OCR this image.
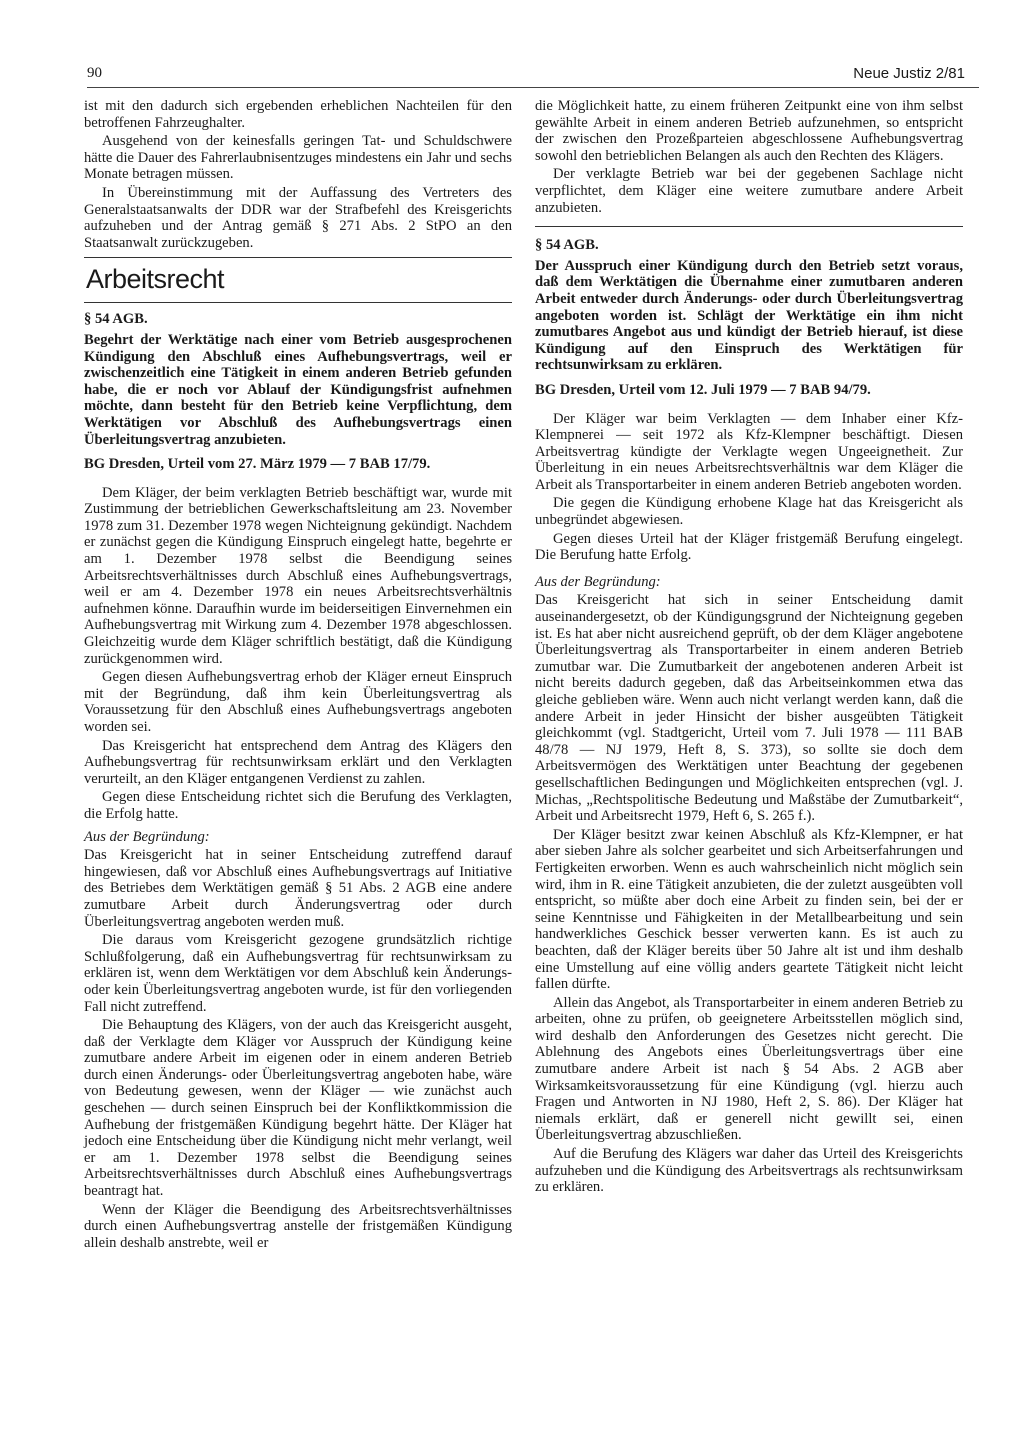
90	Neue Justiz 2/81

ist mit den dadurch sich ergebenden erheblichen Nachteilen für den betroffenen Fahrzeughalter.

Ausgehend von der keinesfalls geringen Tat- und Schuldschwere hätte die Dauer des Fahrerlaubnisentzuges mindestens ein Jahr und sechs Monate betragen müssen.

In Übereinstimmung mit der Auffassung des Vertreters des Generalstaatsanwalts der DDR war der Strafbefehl des Kreisgerichts aufzuheben und der Antrag gemäß § 271 Abs. 2 StPO an den Staatsanwalt zurückzugeben.

Arbeitsrecht

§ 54 AGB.

Begehrt der Werktätige nach einer vom Betrieb ausgesprochenen Kündigung den Abschluß eines Aufhebungsvertrags, weil er zwischenzeitlich eine Tätigkeit in einem anderen Betrieb gefunden habe, die er noch vor Ablauf der Kündigungsfrist aufnehmen möchte, dann besteht für den Betrieb keine Verpflichtung, dem Werktätigen vor Abschluß des Aufhebungsvertrags einen Überleitungsvertrag anzubieten.

BG Dresden, Urteil vom 27. März 1979 — 7 BAB 17/79.

Dem Kläger, der beim verklagten Betrieb beschäftigt war, wurde mit Zustimmung der betrieblichen Gewerkschaftsleitung am 23. November 1978 zum 31. Dezember 1978 wegen Nichteignung gekündigt. Nachdem er zunächst gegen die Kündigung Einspruch eingelegt hatte, begehrte er am 1. Dezember 1978 selbst die Beendigung seines Arbeitsrechtsverhältnisses durch Abschluß eines Aufhebungsvertrags, weil er am 4. Dezember 1978 ein neues Arbeitsrechtsverhältnis aufnehmen könne. Daraufhin wurde im beiderseitigen Einvernehmen ein Aufhebungsvertrag mit Wirkung zum 4. Dezember 1978 abgeschlossen. Gleichzeitig wurde dem Kläger schriftlich bestätigt, daß die Kündigung zurückgenommen wird.

Gegen diesen Aufhebungsvertrag erhob der Kläger erneut Einspruch mit der Begründung, daß ihm kein Überleitungsvertrag als Voraussetzung für den Abschluß eines Aufhebungsvertrags angeboten worden sei.

Das Kreisgericht hat entsprechend dem Antrag des Klägers den Aufhebungsvertrag für rechtsunwirksam erklärt und den Verklagten verurteilt, an den Kläger entgangenen Verdienst zu zahlen.

Gegen diese Entscheidung richtet sich die Berufung des Verklagten, die Erfolg hatte.

Aus der Begründung:

Das Kreisgericht hat in seiner Entscheidung zutreffend darauf hingewiesen, daß vor Abschluß eines Aufhebungsvertrags auf Initiative des Betriebes dem Werktätigen gemäß § 51 Abs. 2 AGB eine andere zumutbare Arbeit durch Änderungsvertrag oder durch Überleitungsvertrag angeboten werden muß.

Die daraus vom Kreisgericht gezogene grundsätzlich richtige Schlußfolgerung, daß ein Aufhebungsvertrag für rechtsunwirksam zu erklären ist, wenn dem Werktätigen vor dem Abschluß kein Änderungs- oder kein Überleitungsvertrag angeboten wurde, ist für den vorliegenden Fall nicht zutreffend.

Die Behauptung des Klägers, von der auch das Kreisgericht ausgeht, daß der Verklagte dem Kläger vor Ausspruch der Kündigung keine zumutbare andere Arbeit im eigenen oder in einem anderen Betrieb durch einen Änderungs- oder Überleitungsvertrag angeboten habe, wäre von Bedeutung gewesen, wenn der Kläger — wie zunächst auch geschehen — durch seinen Einspruch bei der Konfliktkommission die Aufhebung der fristgemäßen Kündigung begehrt hätte. Der Kläger hat jedoch eine Entscheidung über die Kündigung nicht mehr verlangt, weil er am 1. Dezember 1978 selbst die Beendigung seines Arbeitsrechtsverhältnisses durch Abschluß eines Aufhebungsvertrags beantragt hat.

Wenn der Kläger die Beendigung des Arbeitsrechtsverhältnisses durch einen Aufhebungsvertrag anstelle der fristgemäßen Kündigung allein deshalb anstrebte, weil er

die Möglichkeit hatte, zu einem früheren Zeitpunkt eine von ihm selbst gewählte Arbeit in einem anderen Betrieb aufzunehmen, so entspricht der zwischen den Prozeßparteien abgeschlossene Aufhebungsvertrag sowohl den betrieblichen Belangen als auch den Rechten des Klägers.

Der verklagte Betrieb war bei der gegebenen Sachlage nicht verpflichtet, dem Kläger eine weitere zumutbare andere Arbeit anzubieten.

§ 54 AGB.

Der Ausspruch einer Kündigung durch den Betrieb setzt voraus, daß dem Werktätigen die Übernahme einer zumutbaren anderen Arbeit entweder durch Änderungs- oder durch Überleitungsvertrag angeboten worden ist. Schlägt der Werktätige ein ihm nicht zumutbares Angebot aus und kündigt der Betrieb hierauf, ist diese Kündigung auf den Einspruch des Werktätigen für rechtsunwirksam zu erklären.

BG Dresden, Urteil vom 12. Juli 1979 — 7 BAB 94/79.

Der Kläger war beim Verklagten — dem Inhaber einer Kfz-Klempnerei — seit 1972 als Kfz-Klempner beschäftigt. Diesen Arbeitsvertrag kündigte der Verklagte wegen Ungeeignetheit. Zur Überleitung in ein neues Arbeitsrechtsverhältnis war dem Kläger die Arbeit als Transportarbeiter in einem anderen Betrieb angeboten worden.

Die gegen die Kündigung erhobene Klage hat das Kreisgericht als unbegründet abgewiesen.

Gegen dieses Urteil hat der Kläger fristgemäß Berufung eingelegt. Die Berufung hatte Erfolg.

Aus der Begründung:

Das Kreisgericht hat sich in seiner Entscheidung damit auseinandergesetzt, ob der Kündigungsgrund der Nichteignung gegeben ist. Es hat aber nicht ausreichend geprüft, ob der dem Kläger angebotene Überleitungsvertrag als Transportarbeiter in einem anderen Betrieb zumutbar war. Die Zumutbarkeit der angebotenen anderen Arbeit ist nicht bereits dadurch gegeben, daß das Arbeitseinkommen etwa das gleiche geblieben wäre. Wenn auch nicht verlangt werden kann, daß die andere Arbeit in jeder Hinsicht der bisher ausgeübten Tätigkeit gleichkommt (vgl. Stadtgericht, Urteil vom 7. Juli 1978 — 111 BAB 48/78 — NJ 1979, Heft 8, S. 373), so sollte sie doch dem Arbeitsvermögen des Werktätigen unter Beachtung der gegebenen gesellschaftlichen Bedingungen und Möglichkeiten entsprechen (vgl. J. Michas, „Rechtspolitische Bedeutung und Maßstäbe der Zumutbarkeit“, Arbeit und Arbeitsrecht 1979, Heft 6, S. 265 f.).

Der Kläger besitzt zwar keinen Abschluß als Kfz-Klempner, er hat aber sieben Jahre als solcher gearbeitet und sich Arbeitserfahrungen und Fertigkeiten erworben. Wenn es auch wahrscheinlich nicht möglich sein wird, ihm in R. eine Tätigkeit anzubieten, die der zuletzt ausgeübten voll entspricht, so müßte aber doch eine Arbeit zu finden sein, bei der er seine Kenntnisse und Fähigkeiten in der Metallbearbeitung und sein handwerkliches Geschick besser verwerten kann. Es ist auch zu beachten, daß der Kläger bereits über 50 Jahre alt ist und ihm deshalb eine Umstellung auf eine völlig anders geartete Tätigkeit nicht leicht fallen dürfte.

Allein das Angebot, als Transportarbeiter in einem anderen Betrieb zu arbeiten, ohne zu prüfen, ob geeignetere Arbeitsstellen möglich sind, wird deshalb den Anforderungen des Gesetzes nicht gerecht. Die Ablehnung des Angebots eines Überleitungsvertrags über eine zumutbare andere Arbeit ist nach § 54 Abs. 2 AGB aber Wirksamkeitsvoraussetzung für eine Kündigung (vgl. hierzu auch Fragen und Antworten in NJ 1980, Heft 2, S. 86). Der Kläger hat niemals erklärt, daß er generell nicht gewillt sei, einen Überleitungsvertrag abzuschließen.

Auf die Berufung des Klägers war daher das Urteil des Kreisgerichts aufzuheben und die Kündigung des Arbeitsvertrags als rechtsunwirksam zu erklären.
